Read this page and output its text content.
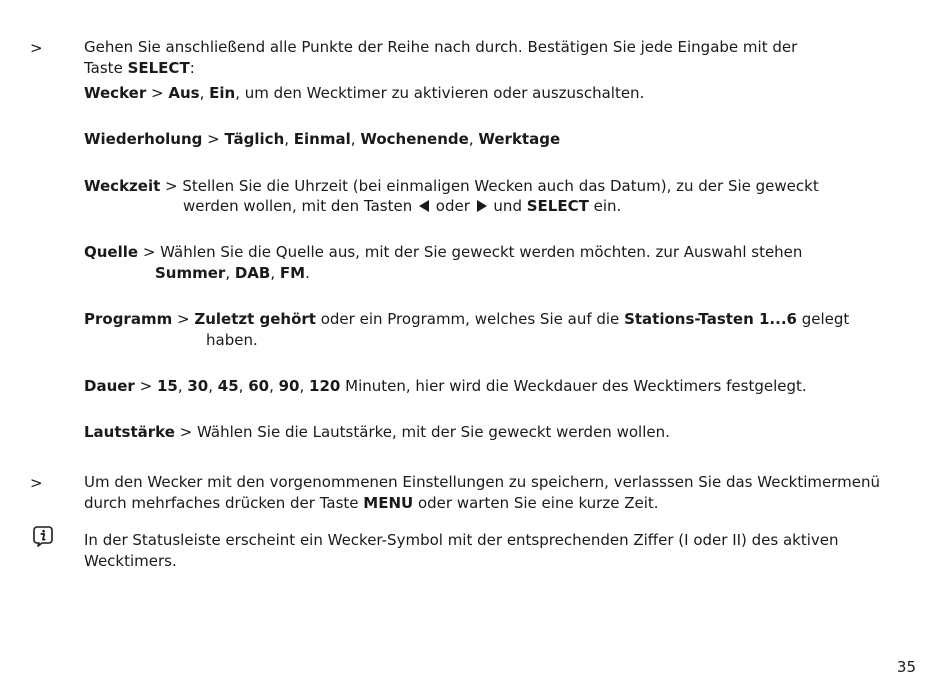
>	Gehen Sie anschließend alle Punkte der Reihe nach durch. Bestätigen Sie jede Eingabe mit der
Taste SELECT:
Wecker > Aus, Ein, um den Wecktimer zu aktivieren oder auszuschalten.
Wiederholung > Täglich, Einmal, Wochenende, Werktage
Weckzeit > Stellen Sie die Uhrzeit (bei einmaligen Wecken auch das Datum), zu der Sie geweckt
werden wollen, mit den Tasten  oder  und SELECT ein.
Quelle > Wählen Sie die Quelle aus, mit der Sie geweckt werden möchten. zur Auswahl stehen
Summer, DAB, FM.
Programm > Zuletzt gehört oder ein Programm, welches Sie auf die Stations-Tasten 1...6 gelegt
haben.
Dauer > 15, 30, 45, 60, 90, 120 Minuten, hier wird die Weckdauer des Wecktimers festgelegt.
Lautstärke > Wählen Sie die Lautstärke, mit der Sie geweckt werden wollen.
>	Um den Wecker mit den vorgenommenen Einstellungen zu speichern, verlasssen Sie das Wecktimermenü
durch mehrfaches drücken der Taste MENU oder warten Sie eine kurze Zeit.
In der Statusleiste erscheint ein Wecker-Symbol mit der entsprechenden Ziffer (I oder II) des aktiven
Wecktimers.
35
